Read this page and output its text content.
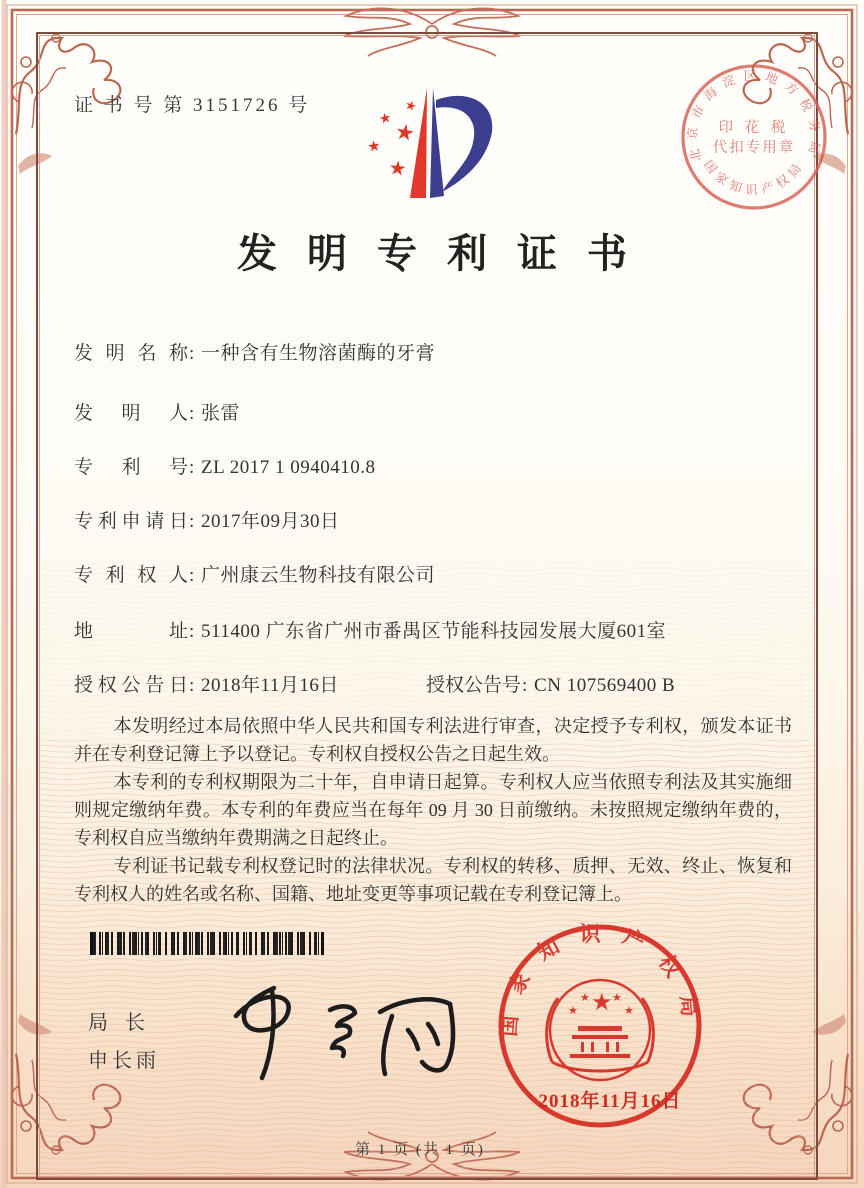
证 书 号 第 3151726 号	★
★
★
★
★
发明专利证书
发明名称: 一种含有生物溶菌酶的牙膏
发明人: 张雷
专利号: ZL 2017 1 0940410.8
专利申请日: 2017年09月30日
专利权人: 广州康云生物科技有限公司
地址: 511400 广东省广州市番禺区节能科技园发展大厦601室
授权公告日: 2018年11月16日	授权公告号: CN 107569400 B

本发明经过本局依照中华人民共和国专利法进行审查，决定授予专利权，颁发本证书并在专利登记簿上予以登记。专利权自授权公告之日起生效。

本专利的专利权期限为二十年，自申请日起算。专利权人应当依照专利法及其实施细则规定缴纳年费。本专利的年费应当在每年 09 月 30 日前缴纳。未按照规定缴纳年费的，专利权自应当缴纳年费期满之日起终止。

专利证书记载专利权登记时的法律状况。专利权的转移、质押、无效、终止、恢复和专利权人的姓名或名称、国籍、地址变更等事项记载在专利登记簿上。

局 长
申长雨
国家知识产权局
★
★
★ ★
★
2018年11月16日
北京市海淀区地方税务局
国家知识产权局
印 花 税
代扣专用章
第 1 页 (共 1 页)
